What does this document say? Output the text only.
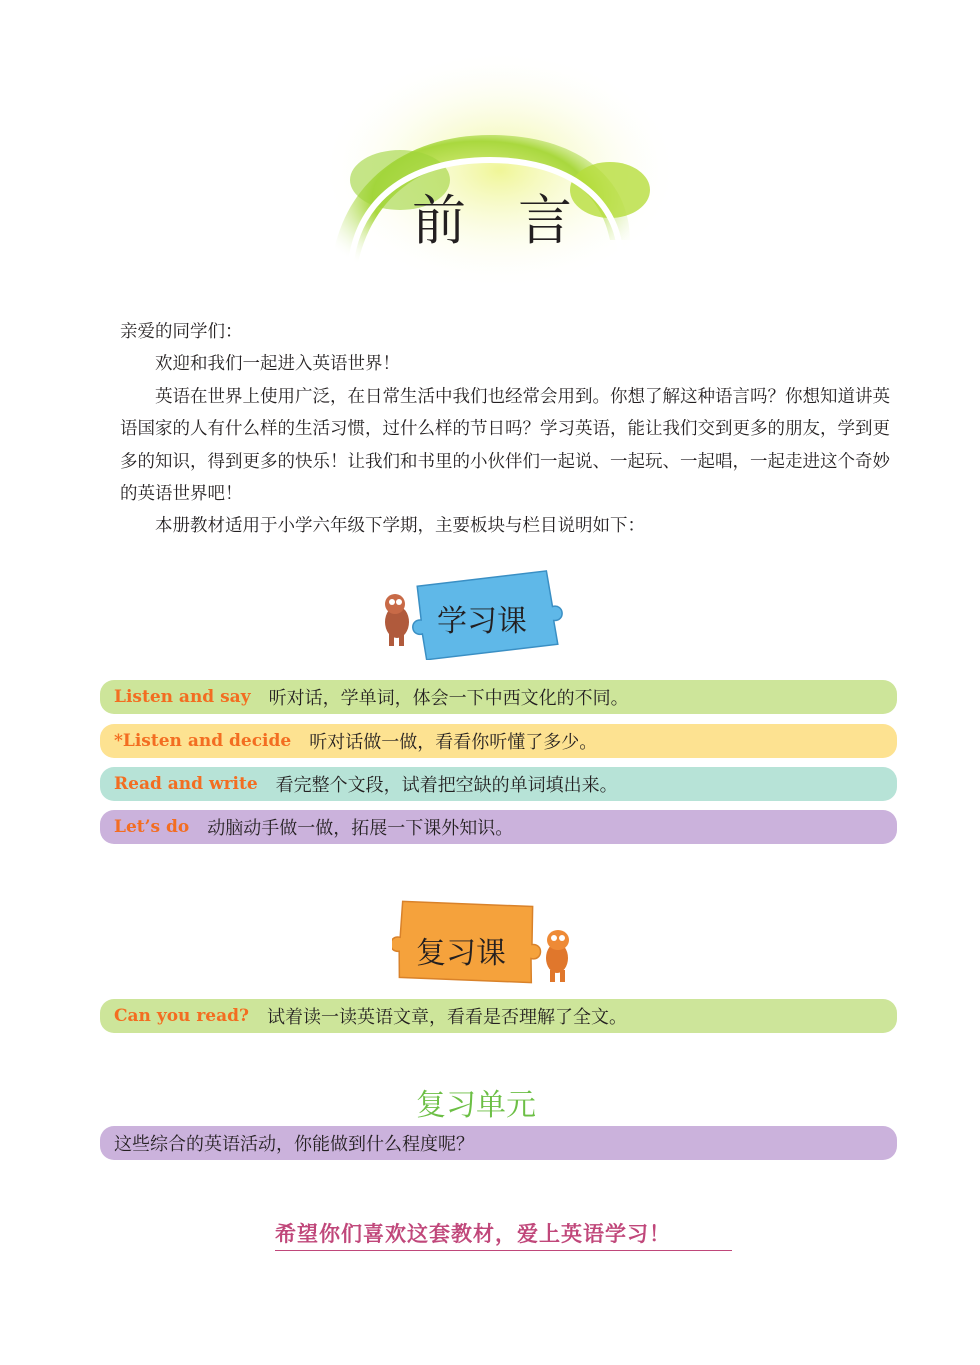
前言

亲爱的同学们：

欢迎和我们一起进入英语世界！

英语在世界上使用广泛，在日常生活中我们也经常会用到。你想了解这种语言吗？你想知道讲英语国家的人有什么样的生活习惯，过什么样的节日吗？学习英语，能让我们交到更多的朋友，学到更多的知识，得到更多的快乐！让我们和书里的小伙伴们一起说、一起玩、一起唱，一起走进这个奇妙的英语世界吧！

本册教材适用于小学六年级下学期，主要板块与栏目说明如下：

学习课
Listen and say 听对话，学单词，体会一下中西文化的不同。
*Listen and decide 听对话做一做，看看你听懂了多少。
Read and write 看完整个文段，试着把空缺的单词填出来。
Let’s do 动脑动手做一做，拓展一下课外知识。
复习课
Can you read? 试着读一读英语文章，看看是否理解了全文。
复习单元
这些综合的英语活动，你能做到什么程度呢？
希望你们喜欢这套教材，爱上英语学习！
